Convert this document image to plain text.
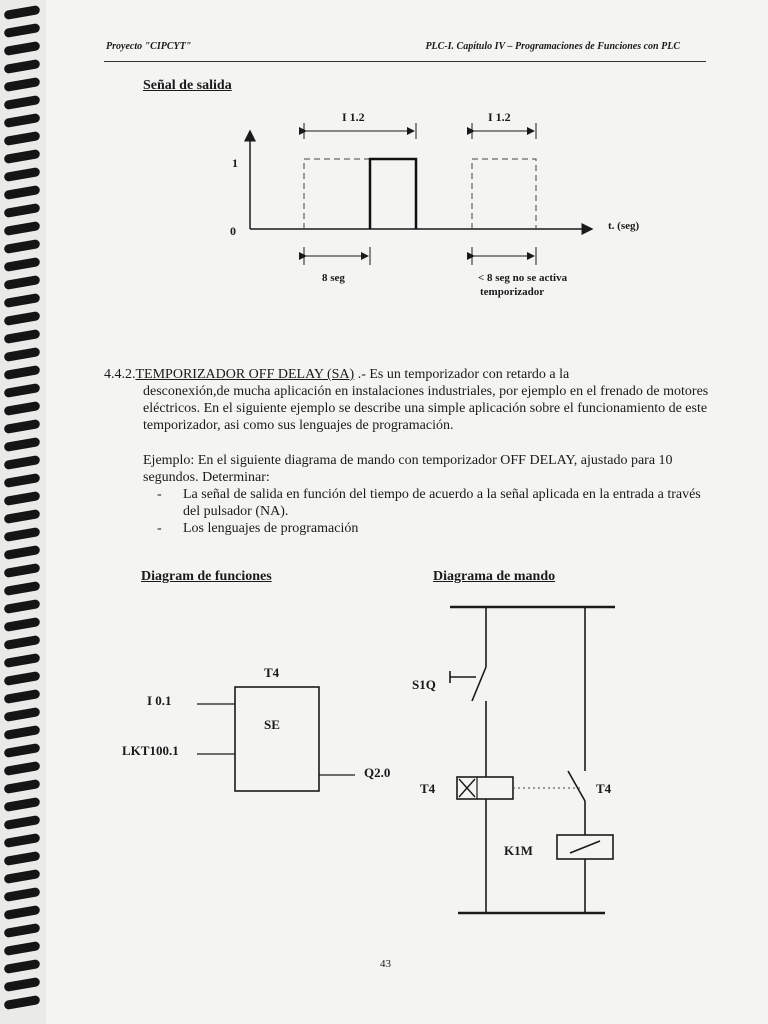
Proyecto "CIPCYT"	PLC-I. Capítulo IV – Programaciones de Funciones con PLC
Señal de salida
1
0	t. (seg)
I 1.2	I 1.2
8 seg	< 8 seg no se activa
temporizador
4.4.2.TEMPORIZADOR OFF DELAY (SA) .- Es un temporizador con retardo a la
desconexión,de mucha aplicación en instalaciones industriales, por ejemplo en el frenado de motores eléctricos. En el siguiente ejemplo se describe una simple aplicación sobre el funcionamiento de este temporizador, asi como sus lenguajes de programación.
Ejemplo: En el siguiente diagrama de mando con temporizador OFF DELAY, ajustado para 10 segundos. Determinar:
- La señal de salida en función del tiempo de acuerdo a la señal aplicada en la entrada a través del pulsador (NA).
- Los lenguajes de programación
Diagram de funciones	Diagrama de mando
T4
SE
I 0.1
LKT100.1
Q2.0
S1Q
T4	T4
K1M
43
